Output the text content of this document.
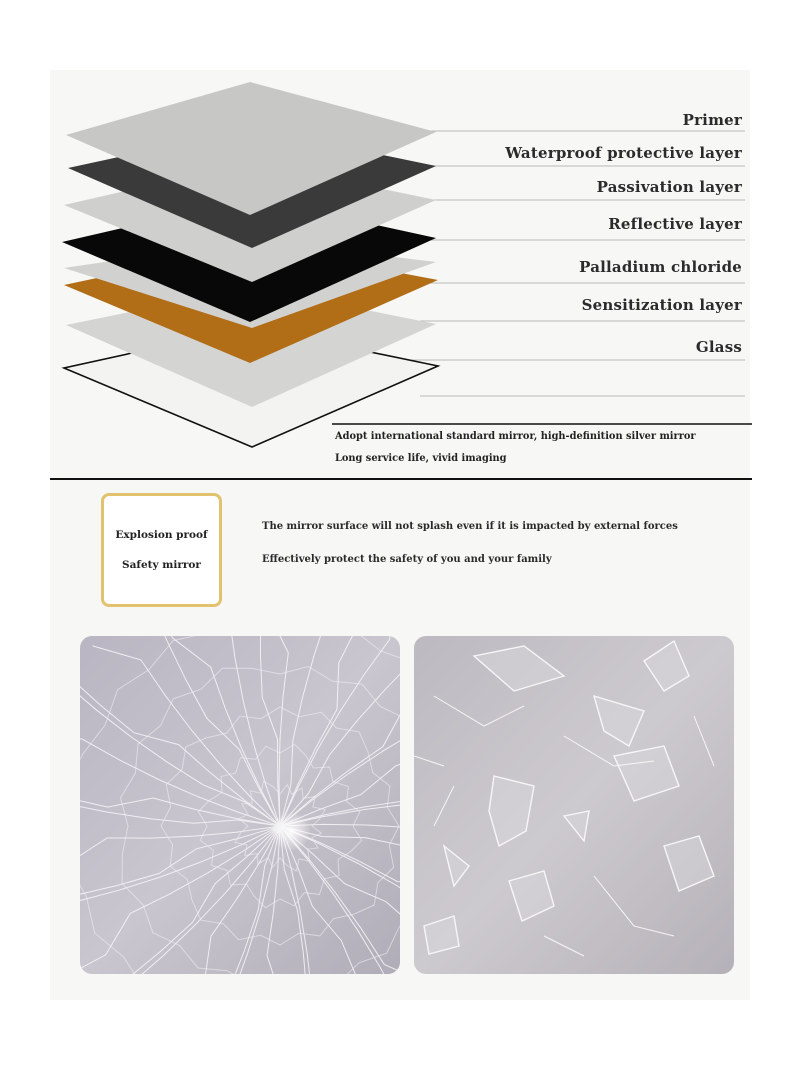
Primer
Waterproof protective layer
Passivation layer
Reflective layer
Palladium chloride
Sensitization layer
Glass
Adopt international standard mirror, high-definition silver mirror
Long service life, vivid imaging
Explosion proof
Safety mirror
The mirror surface will not splash even if it is impacted by external forces
Effectively protect the safety of you and your family
